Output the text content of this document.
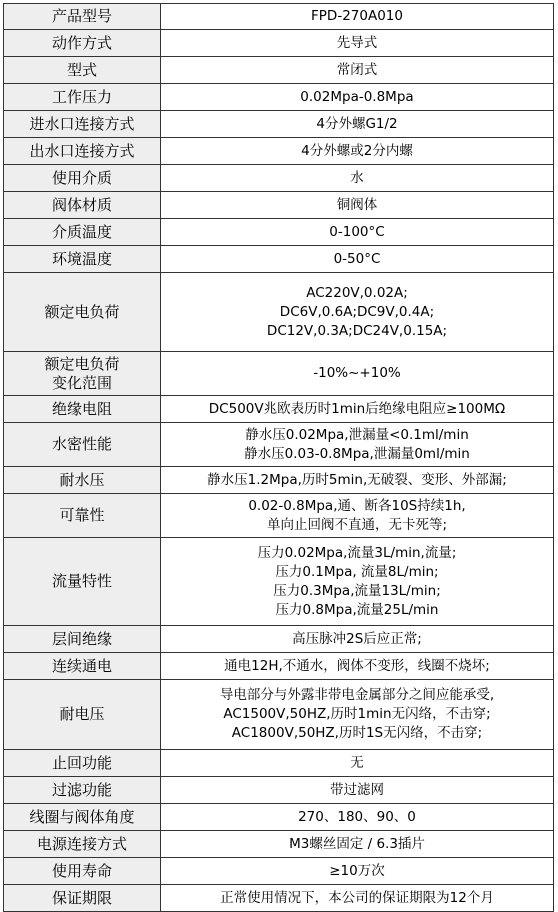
产品型号	FPD-270A010

动作方式	先导式

型式	常闭式

工作压力	0.02Mpa-0.8Mpa

进水口连接方式	4分外螺G1/2

出水口连接方式	4分外螺或2分内螺

使用介质	水

阀体材质	铜阀体

介质温度	0-100°C

环境温度	0-50°C

额定电负荷	AC220V,0.02A;
DC6V,0.6A;DC9V,0.4A;
DC12V,0.3A;DC24V,0.15A;

额定电负荷
变化范围	-10%~+10%

绝缘电阻	DC500V兆欧表历时1min后绝缘电阻应≥100MΩ

水密性能	静水压0.02Mpa,泄漏量<0.1ml/min
静水压0.03-0.8Mpa,泄漏量0ml/min

耐水压	静水压1.2Mpa,历时5min,无破裂、变形、外部漏;

可靠性	0.02-0.8Mpa,通、断各10S持续1h,
单向止回阀不直通，无卡死等;

流量特性	压力0.02Mpa,流量3L/min,流量;
压力0.1Mpa, 流量8L/min;
压力0.3Mpa,流量13L/min;
压力0.8Mpa,流量25L/min

层间绝缘	高压脉冲2S后应正常;

连续通电	通电12H,不通水，阀体不变形，线圈不烧坏;

耐电压	导电部分与外露非带电金属部分之间应能承受,
AC1500V,50HZ,历时1min无闪络，不击穿;
AC1800V,50HZ,历时1S无闪络，不击穿;

止回功能	无

过滤功能	带过滤网

线圈与阀体角度	270、180、90、0

电源连接方式	M3螺丝固定 / 6.3插片

使用寿命	≥10万次

保证期限	正常使用情况下，本公司的保证期限为12个月
